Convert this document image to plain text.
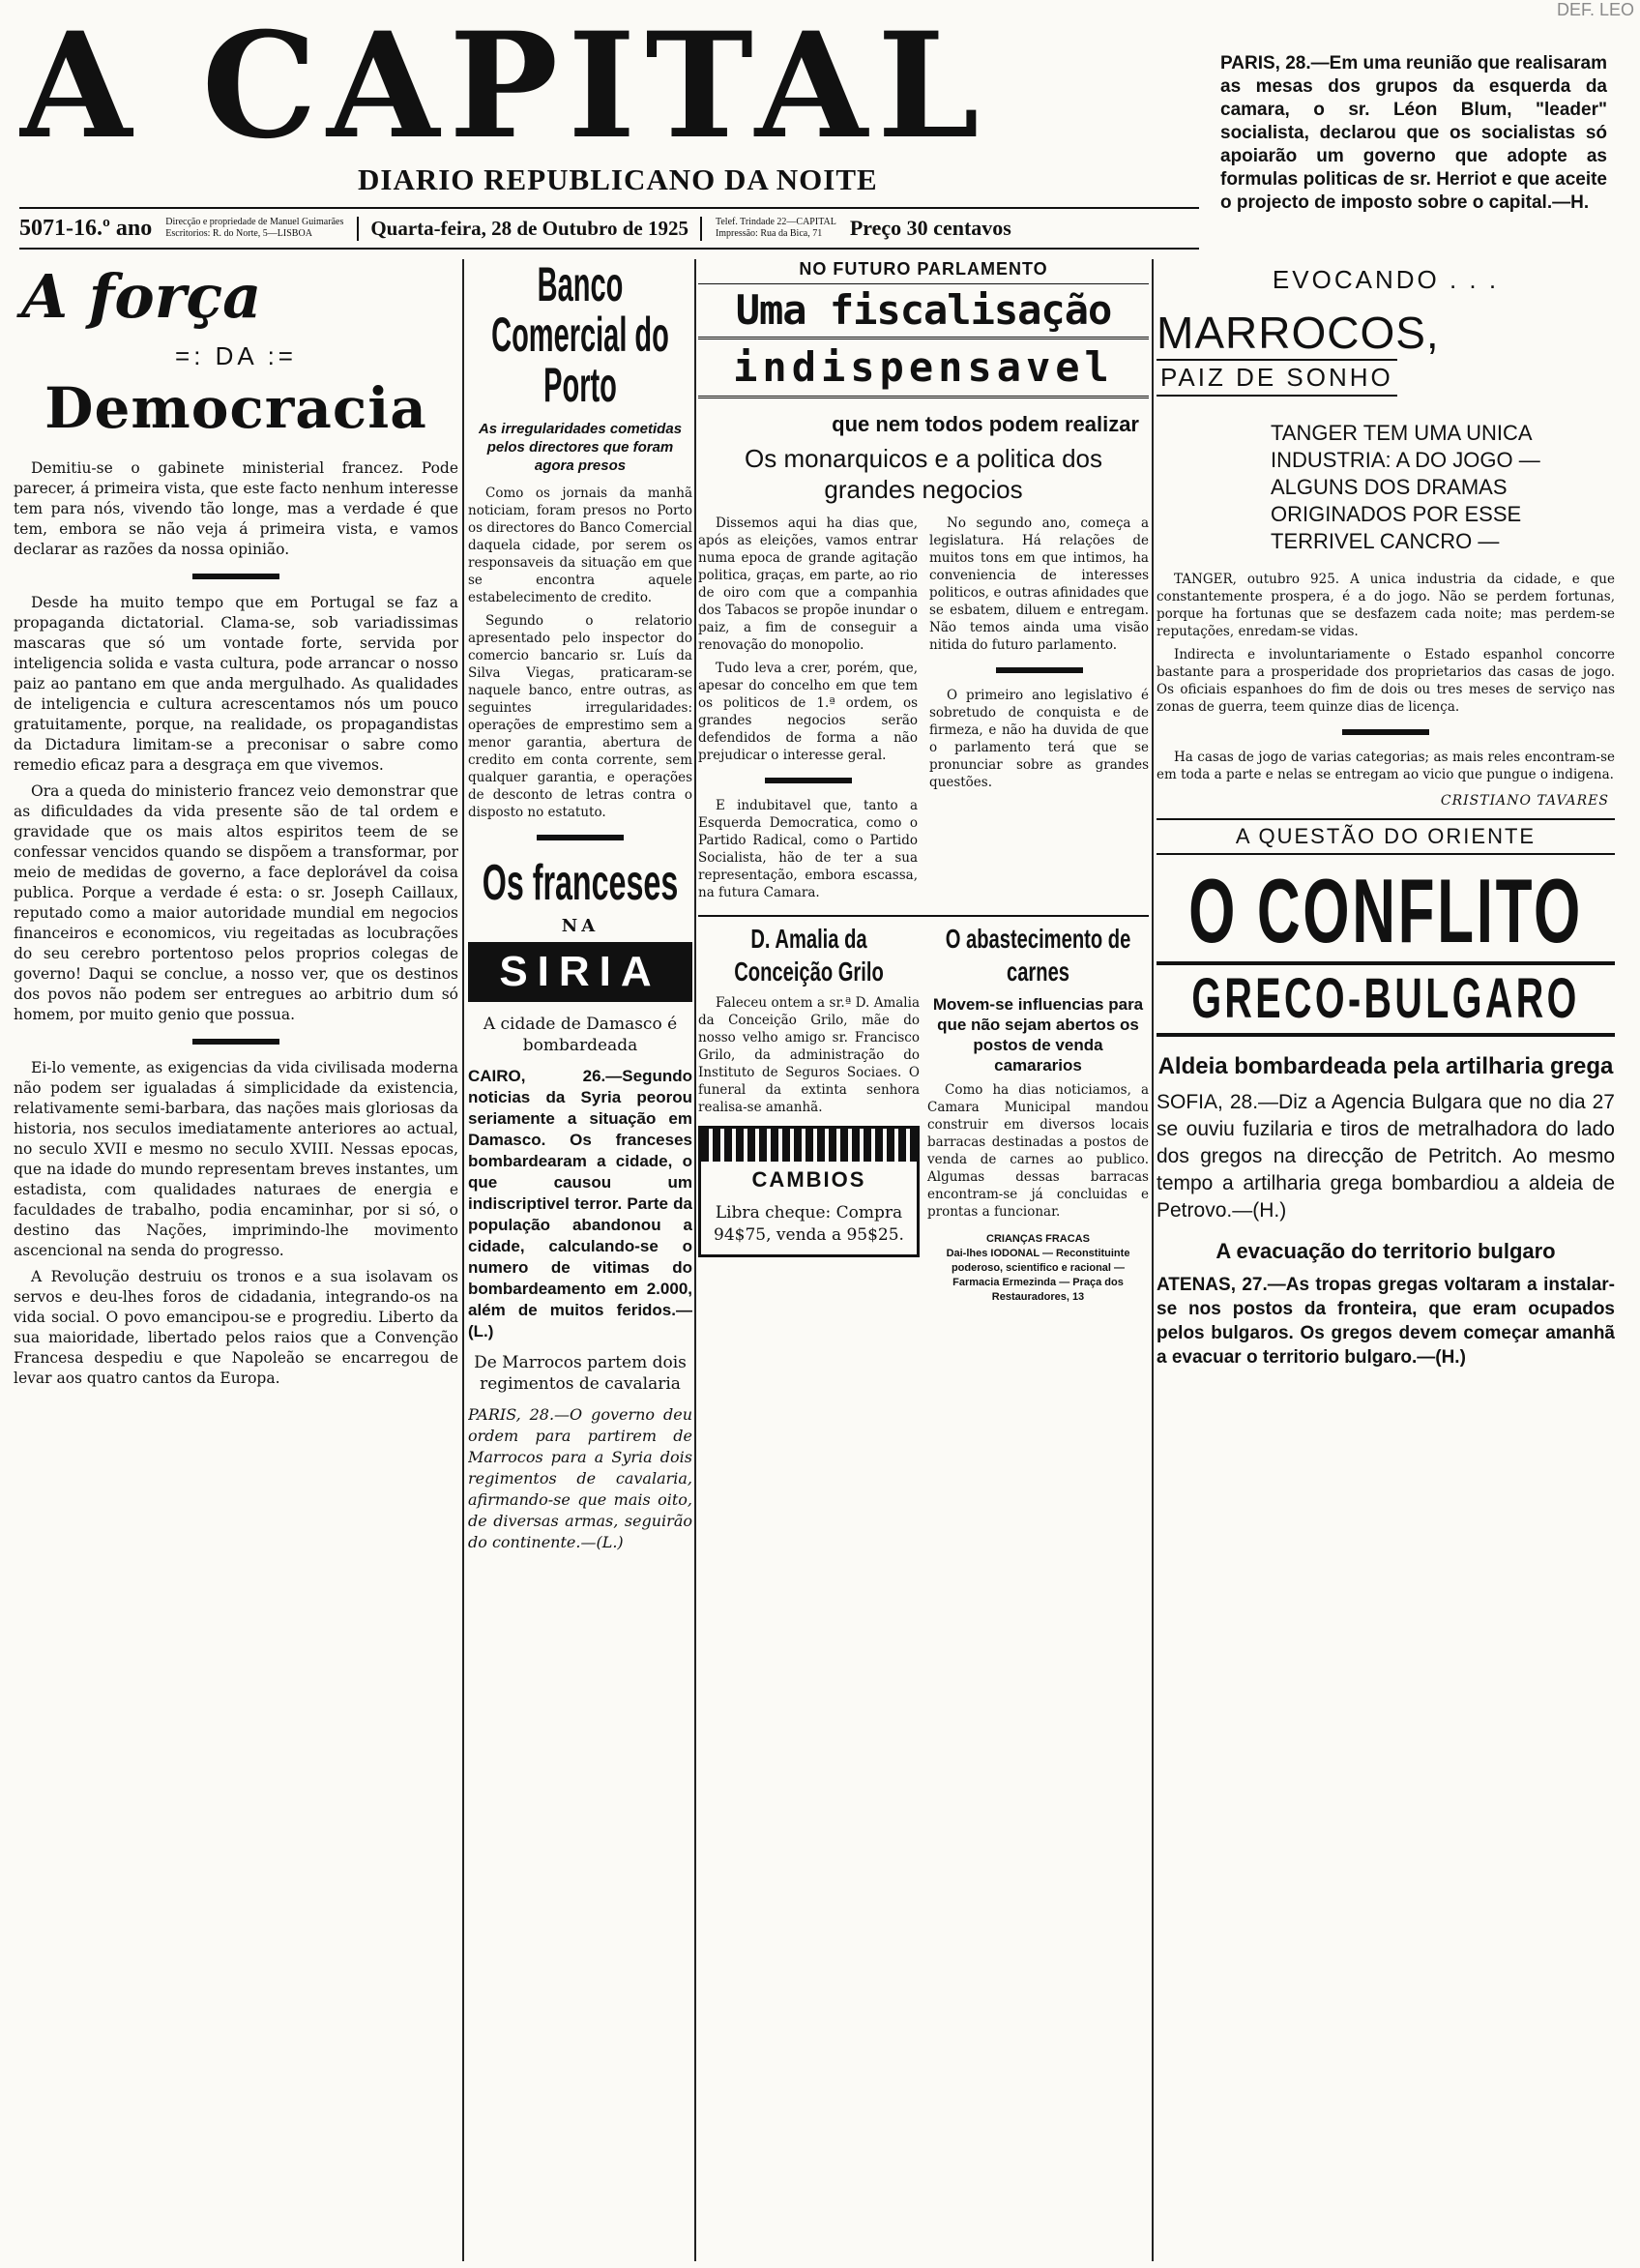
DEF. LEO
A CAPITAL
DIARIO REPUBLICANO DA NOITE
PARIS, 28.—Em uma reunião que realisaram as mesas dos grupos da esquerda da camara, o sr. Léon Blum, "leader" socialista, declarou que os socialistas só apoiarão um governo que adopte as formulas politicas de sr. Herriot e que aceite o projecto de imposto sobre o capital.—H.
5071-16.º ano Direcção e propriedade de Manuel Guimarães
Escritorios: R. do Norte, 5—LISBOA	Quarta-feira, 28 de Outubro de 1925	Telef. Trindade 22—CAPITAL
Impressão: Rua da Bica, 71	Preço 30 centavos
A força
=: DA :=
Democracia

Demitiu-se o gabinete ministerial francez. Pode parecer, á primeira vista, que este facto nenhum interesse tem para nós, vivendo tão longe, mas a verdade é que tem, embora se não veja á primeira vista, e vamos declarar as razões da nossa opinião.

Desde ha muito tempo que em Portugal se faz a propaganda dictatorial. Clama-se, sob variadissimas mascaras que só um vontade forte, servida por inteligencia solida e vasta cultura, pode arrancar o nosso paiz ao pantano em que anda mergulhado. As qualidades de inteligencia e cultura acrescentamos nós um pouco gratuitamente, porque, na realidade, os propagandistas da Dictadura limitam-se a preconisar o sabre como remedio eficaz para a desgraça em que vivemos.

Ora a queda do ministerio francez veio demonstrar que as dificuldades da vida presente são de tal ordem e gravidade que os mais altos espiritos teem de se confessar vencidos quando se dispõem a transformar, por meio de medidas de governo, a face deplorável da coisa publica. Porque a verdade é esta: o sr. Joseph Caillaux, reputado como a maior autoridade mundial em negocios financeiros e economicos, viu regeitadas as locubrações do seu cerebro portentoso pelos proprios colegas de governo! Daqui se conclue, a nosso ver, que os destinos dos povos não podem ser entregues ao arbitrio dum só homem, por muito genio que possua.

Ei-lo vemente, as exigencias da vida civilisada moderna não podem ser igualadas á simplicidade da existencia, relativamente semi-barbara, das nações mais gloriosas da historia, nos seculos imediatamente anteriores ao actual, no seculo XVII e mesmo no seculo XVIII. Nessas epocas, que na idade do mundo representam breves instantes, um estadista, com qualidades naturaes de energia e faculdades de trabalho, podia encaminhar, por si só, o destino das Nações, imprimindo-lhe movimento ascencional na senda do progresso.

A Revolução destruiu os tronos e a sua isolavam os servos e deu-lhes foros de cidadania, integrando-os na vida social. O povo emancipou-se e progrediu. Liberto da sua maioridade, libertado pelos raios que a Convenção Francesa despediu e que Napoleão se encarregou de levar aos quatro cantos da Europa.

Banco Comercial do Porto
As irregularidades cometidas pelos directores que foram agora presos

Como os jornais da manhã noticiam, foram presos no Porto os directores do Banco Comercial daquela cidade, por serem os responsaveis da situação em que se encontra aquele estabelecimento de credito.

Segundo o relatorio apresentado pelo inspector do comercio bancario sr. Luís da Silva Viegas, praticaram-se naquele banco, entre outras, as seguintes irregularidades: operações de emprestimo sem a menor garantia, abertura de credito em conta corrente, sem qualquer garantia, e operações de desconto de letras contra o disposto no estatuto.

Os franceses
NA
SIRIA
A cidade de Damasco é bombardeada
CAIRO, 26.—Segundo noticias da Syria peorou seriamente a situação em Damasco. Os franceses bombardearam a cidade, o que causou um indiscriptivel terror. Parte da população abandonou a cidade, calculando-se o numero de vitimas do bombardeamento em 2.000, além de muitos feridos.—(L.)
De Marrocos partem dois regimentos de cavalaria

PARIS, 28.—O governo deu ordem para partirem de Marrocos para a Syria dois regimentos de cavalaria, afirmando-se que mais oito, de diversas armas, seguirão do continente.—(L.)

NO FUTURO PARLAMENTO
Uma fiscalisação
indispensavel
que nem todos podem realizar
Os monarquicos e a politica dos grandes negocios

Dissemos aqui ha dias que, após as eleições, vamos entrar numa epoca de grande agitação politica, graças, em parte, ao rio de oiro com que a companhia dos Tabacos se propõe inundar o paiz, a fim de conseguir a renovação do monopolio.

Tudo leva a crer, porém, que, apesar do concelho em que tem os politicos de 1.ª ordem, os grandes negocios serão defendidos de forma a não prejudicar o interesse geral.

E indubitavel que, tanto a Esquerda Democratica, como o Partido Radical, como o Partido Socialista, hão de ter a sua representação, embora escassa, na futura Camara.

No segundo ano, começa a legislatura. Há relações de muitos tons em que intimos, ha conveniencia de interesses politicos, e outras afinidades que se esbatem, diluem e entregam. Não temos ainda uma visão nitida do futuro parlamento.

O primeiro ano legislativo é sobretudo de conquista e de firmeza, e não ha duvida de que o parlamento terá que se pronunciar sobre as grandes questões.

D. Amalia da Conceição Grilo

Faleceu ontem a sr.ª D. Amalia da Conceição Grilo, mãe do nosso velho amigo sr. Francisco Grilo, da administração do Instituto de Seguros Sociaes. O funeral da extinta senhora realisa-se amanhã.

CAMBIOS
Libra cheque: Compra 94$75, venda a 95$25.
O abastecimento de carnes
Movem-se influencias para que não sejam abertos os postos de venda camararios

Como ha dias noticiamos, a Camara Municipal mandou construir em diversos locais barracas destinadas a postos de venda de carnes ao publico. Algumas dessas barracas encontram-se já concluidas e prontas a funcionar.

CRIANÇAS FRACAS
Dai-lhes IODONAL — Reconstituinte poderoso, scientifico e racional — Farmacia Ermezinda — Praça dos Restauradores, 13
EVOCANDO . . .
MARROCOS,
PAIZ DE SONHO
TANGER TEM UMA UNICA INDUSTRIA: A DO JOGO — ALGUNS DOS DRAMAS ORIGINADOS POR ESSE TERRIVEL CANCRO —

TANGER, outubro 925. A unica industria da cidade, e que constantemente prospera, é a do jogo. Não se perdem fortunas, porque ha fortunas que se desfazem cada noite; mas perdem-se reputações, enredam-se vidas.

Indirecta e involuntariamente o Estado espanhol concorre bastante para a prosperidade dos proprietarios das casas de jogo. Os oficiais espanhoes do fim de dois ou tres meses de serviço nas zonas de guerra, teem quinze dias de licença.

Ha casas de jogo de varias categorias; as mais reles encontram-se em toda a parte e nelas se entregam ao vicio que pungue o indigena.

CRISTIANO TAVARES
A QUESTÃO DO ORIENTE
O CONFLITO
GRECO-BULGARO
Aldeia bombardeada pela artilharia grega

SOFIA, 28.—Diz a Agencia Bulgara que no dia 27 se ouviu fuzilaria e tiros de metralhadora do lado dos gregos na direcção de Petritch. Ao mesmo tempo a artilharia grega bombardiou a aldeia de Petrovo.—(H.)

A evacuação do territorio bulgaro

ATENAS, 27.—As tropas gregas voltaram a instalar-se nos postos da fronteira, que eram ocupados pelos bulgaros. Os gregos devem começar amanhã a evacuar o territorio bulgaro.—(H.)
